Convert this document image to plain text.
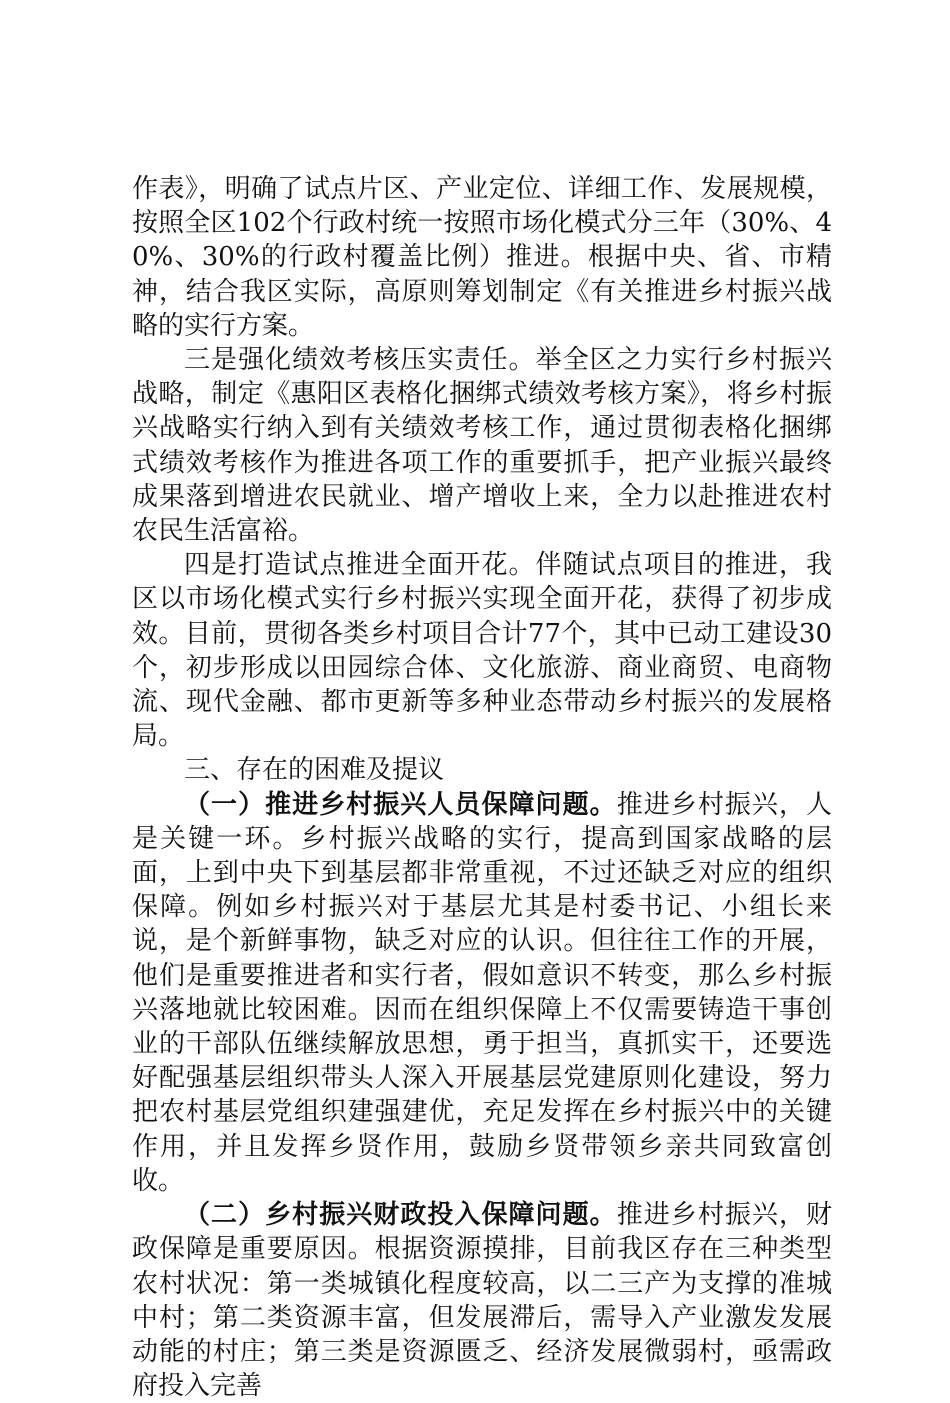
作表》，明确了试点片区、产业定位、详细工作、发展规模，按照全区102个行政村统一按照市场化模式分三年（30%、40%、30%的行政村覆盖比例）推进。根据中央、省、市精神，结合我区实际，高原则筹划制定《有关推进乡村振兴战略的实行方案。

三是强化绩效考核压实责任。举全区之力实行乡村振兴战略，制定《惠阳区表格化捆绑式绩效考核方案》，将乡村振兴战略实行纳入到有关绩效考核工作，通过贯彻表格化捆绑式绩效考核作为推进各项工作的重要抓手，把产业振兴最终成果落到增进农民就业、增产增收上来，全力以赴推进农村农民生活富裕。

四是打造试点推进全面开花。伴随试点项目的推进，我区以市场化模式实行乡村振兴实现全面开花，获得了初步成效。目前，贯彻各类乡村项目合计77个，其中已动工建设30个，初步形成以田园综合体、文化旅游、商业商贸、电商物流、现代金融、都市更新等多种业态带动乡村振兴的发展格局。

三、存在的困难及提议

（一）推进乡村振兴人员保障问题。推进乡村振兴，人是关键一环。乡村振兴战略的实行，提高到国家战略的层面，上到中央下到基层都非常重视，不过还缺乏对应的组织保障。例如乡村振兴对于基层尤其是村委书记、小组长来说，是个新鲜事物，缺乏对应的认识。但往往工作的开展，他们是重要推进者和实行者，假如意识不转变，那么乡村振兴落地就比较困难。因而在组织保障上不仅需要铸造干事创业的干部队伍继续解放思想，勇于担当，真抓实干，还要选好配强基层组织带头人深入开展基层党建原则化建设，努力把农村基层党组织建强建优，充足发挥在乡村振兴中的关键作用，并且发挥乡贤作用，鼓励乡贤带领乡亲共同致富创收。

（二）乡村振兴财政投入保障问题。推进乡村振兴，财政保障是重要原因。根据资源摸排，目前我区存在三种类型农村状况：第一类城镇化程度较高，以二三产为支撑的准城中村；第二类资源丰富，但发展滞后，需导入产业激发发展动能的村庄；第三类是资源匮乏、经济发展微弱村，亟需政府投入完善
